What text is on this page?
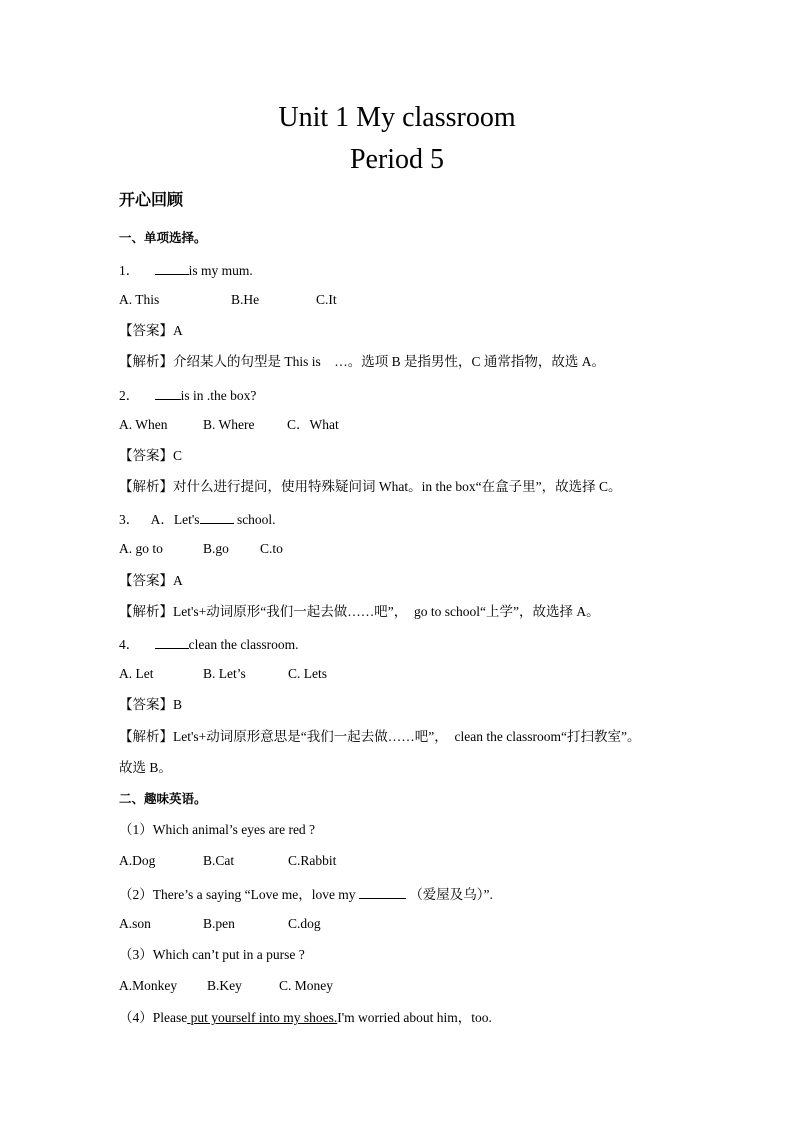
Unit 1 My classroom
Period 5
开心回顾
一、单项选择。
1．	is my mum.
A. This	B.He	C.It
【答案】A
【解析】介绍某人的句型是 This is　…。选项 B 是指男性，C 通常指物，故选 A。
2．	is in .the box?
A. When	B. Where C．What
【答案】C
【解析】对什么进行提问，使用特殊疑问词 What。in the box“在盒子里”，故选择 C。
3． A．Let's	school.
A. go to	B.go C.to
【答案】A
【解析】Let's+动词原形“我们一起去做……吧”，　go to school“上学”，故选择 A。
4．	clean the classroom.
A. Let	B. Let’s	C. Lets
【答案】B
【解析】Let's+动词原形意思是“我们一起去做……吧”，　clean the classroom“打扫教室”。
故选 B。
二、趣味英语。
（1）Which animal’s eyes are red ?
A.Dog	B.Cat	C.Rabbit
（2）There’s a saying “Love me，love my	（爱屋及乌）”.
A.son	B.pen	C.dog
（3）Which can’t put in a purse ?
A.Monkey B.Key	C. Money
（4）Please put yourself into my shoes.I'm worried about him，too.
